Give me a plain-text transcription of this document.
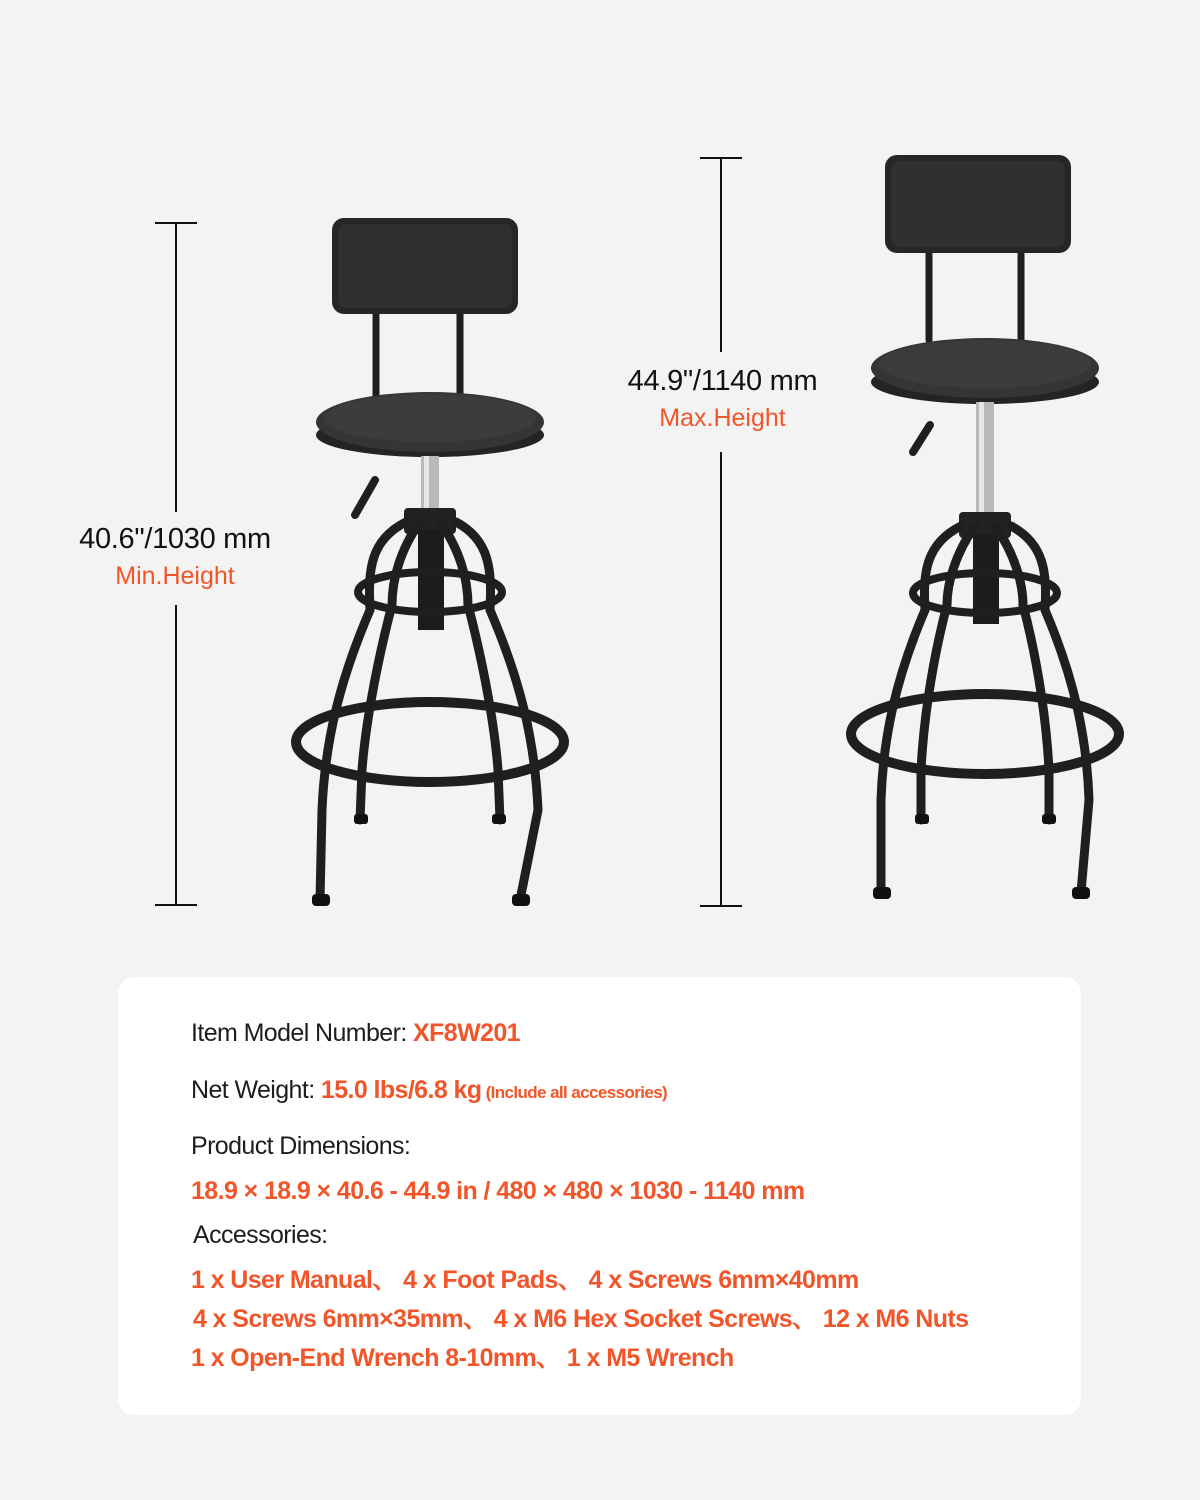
40.6"/1030 mm
Min.Height
44.9"/1140 mm
Max.Height
Item Model Number: XF8W201
Net Weight: 15.0 lbs/6.8 kg (Include all accessories)
Product Dimensions:
18.9 × 18.9 × 40.6 - 44.9 in / 480 × 480 × 1030 - 1140 mm
Accessories:
1 x User Manual、 4 x Foot Pads、 4 x Screws 6mm×40mm
4 x Screws 6mm×35mm、 4 x M6 Hex Socket Screws、 12 x M6 Nuts
1 x Open-End Wrench 8-10mm、 1 x M5 Wrench
